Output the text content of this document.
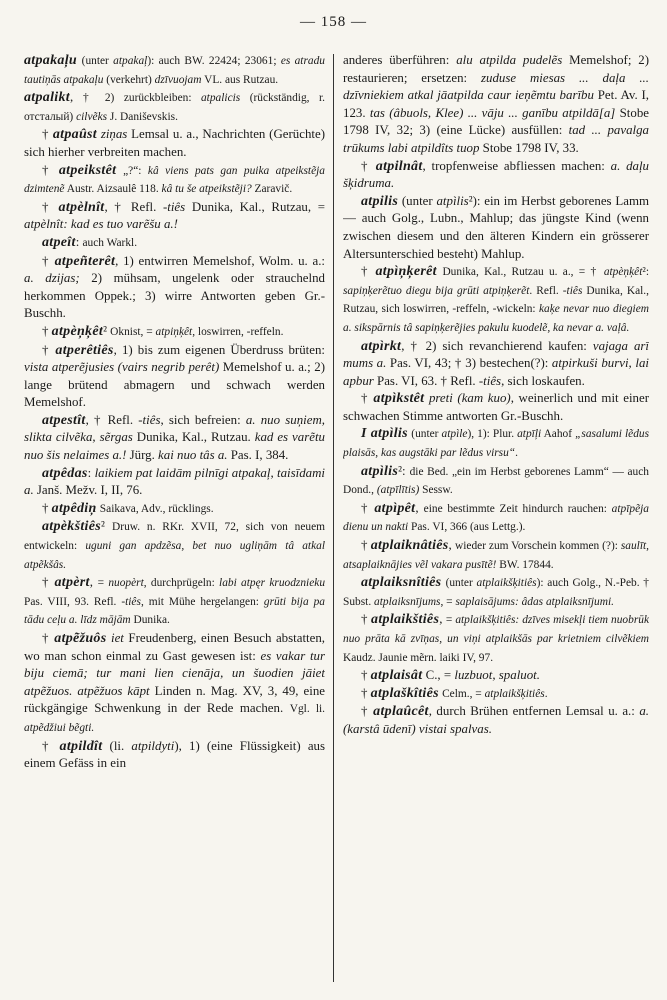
— 158 —

atpakaļu (unter atpakaļ): auch BW. 22424; 23061; es atradu tautiņās atpakaļu (verkehrt) dzīvuojam VL. aus Rutzau.

atpalikt, † 2) zurückbleiben: atpalicis (rückständig, r. отсталый) cilvẽks J. Daniševskis.

† atpaûst ziņas Lemsal u. a., Nachrichten (Gerüchte) sich hierher verbreiten machen.

† atpeikstêt „?“: kâ viens pats gan puika atpeikstẽja dzimtenẽ Austr. Aizsaulê 118. kâ tu še atpeikstẽji? Zaravič.

† atpèlnît, † Refl. -tiês Dunika, Kal., Rutzau, = atpèlnît: kad es tuo varẽšu a.!

atpeît: auch Warkl.

† atpeñterêt, 1) entwirren Memelshof, Wolm. u. a.: a. dzijas; 2) mühsam, ungelenk oder strauchelnd herkommen Oppek.; 3) wirre Antworten geben Gr.-Buschh.

† atpèņķêt² Oknist, = atpiņķêt, loswirren, -reffeln.

† atperêtiês, 1) bis zum eigenen Überdruss brüten: vista atperẽjusies (vairs negrib perêt) Memelshof u. a.; 2) lange brütend abmagern und schwach werden Memelshof.

atpestît, † Refl. -tiês, sich befreien: a. nuo suņiem, slikta cilvẽka, sẽrgas Dunika, Kal., Rutzau. kad es varẽtu nuo šis nelaimes a.! Jürg. kai nuo tâs a. Pas. I, 384.

atpêdas: laikiem pat laidām pilnīgi atpakaļ, taisīdami a. Janš. Mežv. I, II, 76.

† atpêdiņ Saikava, Adv., rücklings.

atpèkštiês² Druw. n. RKr. XVII, 72, sich von neuem entwickeln: uguni gan apdzẽsa, bet nuo ugliņām tâ atkal atpẽkšâs.

† atpèrt, = nuopèrt, durchprügeln: labi atpęr kruodznieku Pas. VIII, 93. Refl. -tiês, mit Mühe hergelangen: grūti bija pa tādu ceļu a. līdz mājām Dunika.

† atpẽžuôs iet Freudenberg, einen Besuch abstatten, wo man schon einmal zu Gast gewesen ist: es vakar tur biju ciemā; tur mani lien cienāja, un šuodien jāiet atpẽžuos. atpẽžuos kāpt Linden n. Mag. XV, 3, 49, eine rückgängige Schwenkung in der Rede machen. Vgl. li. atpẽdžiui bẽgti.

† atpildît (li. atpildyti), 1) (eine Flüssigkeit) aus einem Gefäss in ein

anderes überführen: alu atpilda pudelẽs Memelshof; 2) restaurieren; ersetzen: zuduse miesas ... daļa ... dzīvniekiem atkal jāatpilda caur ieņẽmtu barību Pet. Av. I, 123. tas (âbuols, Klee) ... vāju ... ganību atpildā[a] Stobe 1798 IV, 32; 3) (eine Lücke) ausfüllen: tad ... pavalga trūkums labi atpildîts tuop Stobe 1798 IV, 33.

† atpilnât, tropfenweise abfliessen machen: a. daļu šķidruma.

atpilis (unter atpìlis²): ein im Herbst geborenes Lamm — auch Golg., Lubn., Mahlup; das jüngste Kind (wenn zwischen diesem und den älteren Kindern ein grösserer Altersunterschied besteht) Mahlup.

† atpìņķerêt Dunika, Kal., Rutzau u. a., = † atpèņķêt²: sapiņķerẽtuo diegu bija grūti atpiņķerẽt. Refl. -tiês Dunika, Kal., Rutzau, sich loswirren, -reffeln, -wickeln: kaķe nevar nuo diegiem a. sikspārnis tâ sapiņķerẽjies pakulu kuodelẽ, ka nevar a. vaļâ.

atpìrkt, † 2) sich revanchierend kaufen: vajaga arī mums a. Pas. VI, 43; † 3) bestechen(?): atpirkuši burvi, lai apbur Pas. VI, 63. † Refl. -tiês, sich loskaufen.

† atpìkstêt preti (kam kuo), weinerlich und mit einer schwachen Stimme antworten Gr.-Buschh.

I atpìlis (unter atpìle), 1): Plur. atpīļi Aahof „sasalumi lẽdus plaisās, kas augstāki par lẽdus virsu“.

atpìlis²: die Bed. „ein im Herbst geborenes Lamm“ — auch Dond., (atpīlītis) Sessw.

† atpìpêt, eine bestimmte Zeit hindurch rauchen: atpīpẽja dienu un nakti Pas. VI, 366 (aus Lettg.).

† atplaiknâtiês, wieder zum Vorschein kommen (?): saulīt, atsaplaiknājies vẽl vakara pusītẽ! BW. 17844.

atplaiksnîtiês (unter atplaikšķitiês): auch Golg., N.-Peb. † Subst. atplaiksnījums, = saplaisājums: âdas atplaiksnījumi.

† atplaikštiês, = atplaikšķitiês: dzīves misekļi tiem nuobrūk nuo prāta kā zvīņas, un viņi atplaikšās par krietniem cilvẽkiem Kaudz. Jaunie mẽrn. laiki IV, 97.

† atplaisât C., = luzbuot, spaluot.

† atplaškîtiês Celm., = atplaikšķitiês.

† atplaûcêt, durch Brühen entfernen Lemsal u. a.: a. (karstâ ūdenī) vistai spalvas.
